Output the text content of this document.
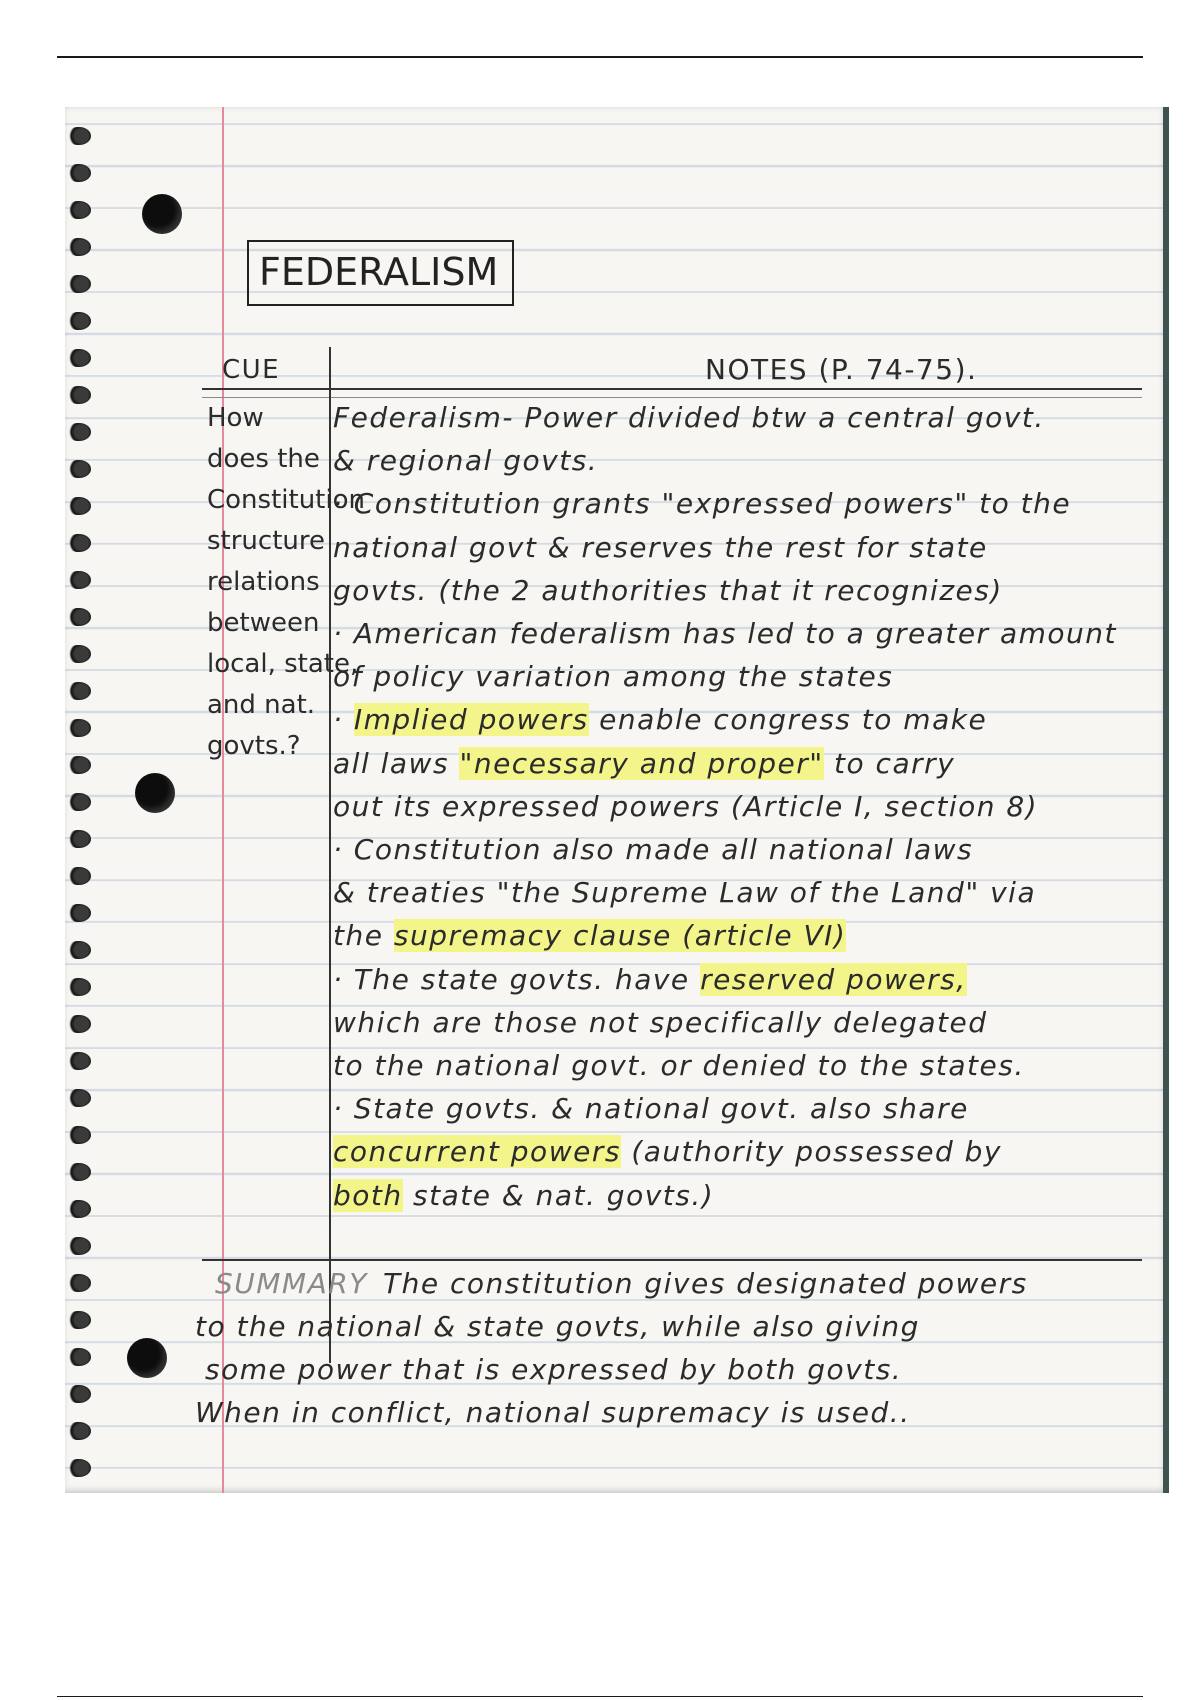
FEDERALISM
CUE	NOTES (P. 74-75).
How
does the
Constitution
structure
relations
between
local, state,
and nat.
govts.?
Federalism- Power divided btw a central govt.
& regional govts.
· Constitution grants "expressed powers" to the
national govt & reserves the rest for state
govts. (the 2 authorities that it recognizes)
· American federalism has led to a greater amount
of policy variation among the states
· Implied powers enable congress to make
all laws "necessary and proper" to carry
out its expressed powers (Article I, section 8)
· Constitution also made all national laws
& treaties "the Supreme Law of the Land" via
the supremacy clause (article VI)
· The state govts. have reserved powers,
which are those not specifically delegated
to the national govt. or denied to the states.
· State govts. & national govt. also share
concurrent powers (authority possessed by
both state & nat. govts.)
SUMMARY The constitution gives designated powers
to the national & state govts, while also giving
some power that is expressed by both govts.
When in conflict, national supremacy is used..
